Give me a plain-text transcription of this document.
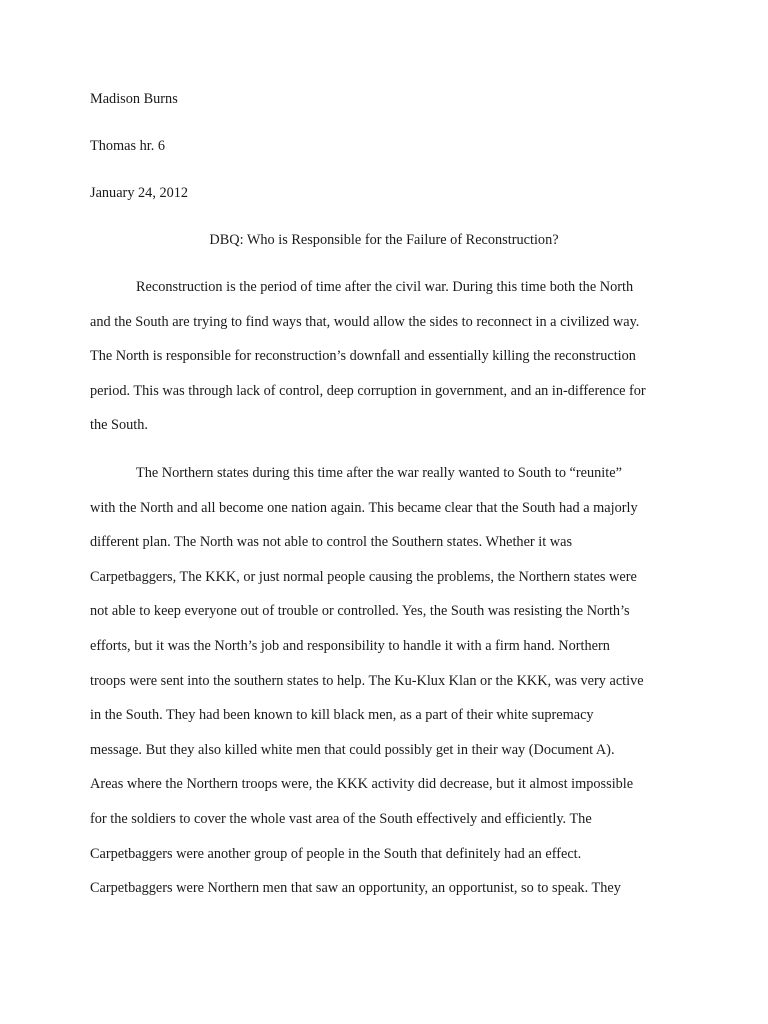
Madison Burns

Thomas hr. 6

January 24, 2012

DBQ: Who is Responsible for the Failure of Reconstruction?

Reconstruction is the period of time after the civil war. During this time both the North
and the South are trying to find ways that, would allow the sides to reconnect in a civilized way.
The North is responsible for reconstruction’s downfall and essentially killing the reconstruction
period. This was through lack of control, deep corruption in government, and an in-difference for
the South.
The Northern states during this time after the war really wanted to South to “reunite”
with the North and all become one nation again. This became clear that the South had a majorly
different plan. The North was not able to control the Southern states. Whether it was
Carpetbaggers, The KKK, or just normal people causing the problems, the Northern states were
not able to keep everyone out of trouble or controlled. Yes, the South was resisting the North’s
efforts, but it was the North’s job and responsibility to handle it with a firm hand. Northern
troops were sent into the southern states to help. The Ku-Klux Klan or the KKK, was very active
in the South. They had been known to kill black men, as a part of their white supremacy
message. But they also killed white men that could possibly get in their way (Document A).
Areas where the Northern troops were, the KKK activity did decrease, but it almost impossible
for the soldiers to cover the whole vast area of the South effectively and efficiently. The
Carpetbaggers were another group of people in the South that definitely had an effect.
Carpetbaggers were Northern men that saw an opportunity, an opportunist, so to speak. They
